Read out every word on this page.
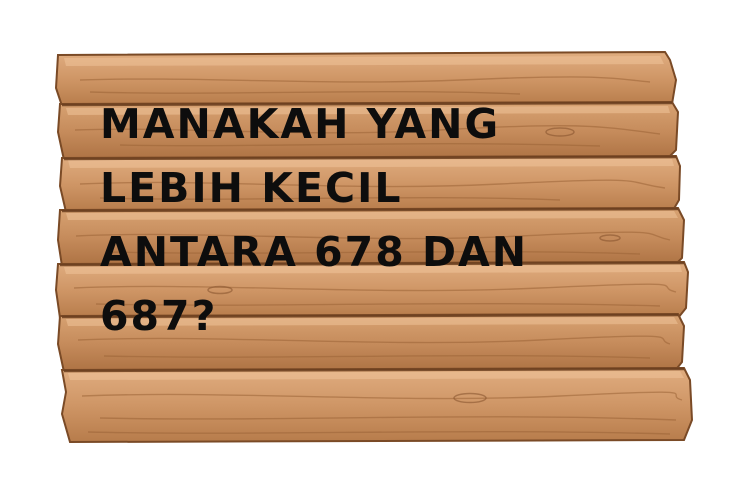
MANAKAH YANG
LEBIH KECIL
ANTARA 678 DAN
687?
